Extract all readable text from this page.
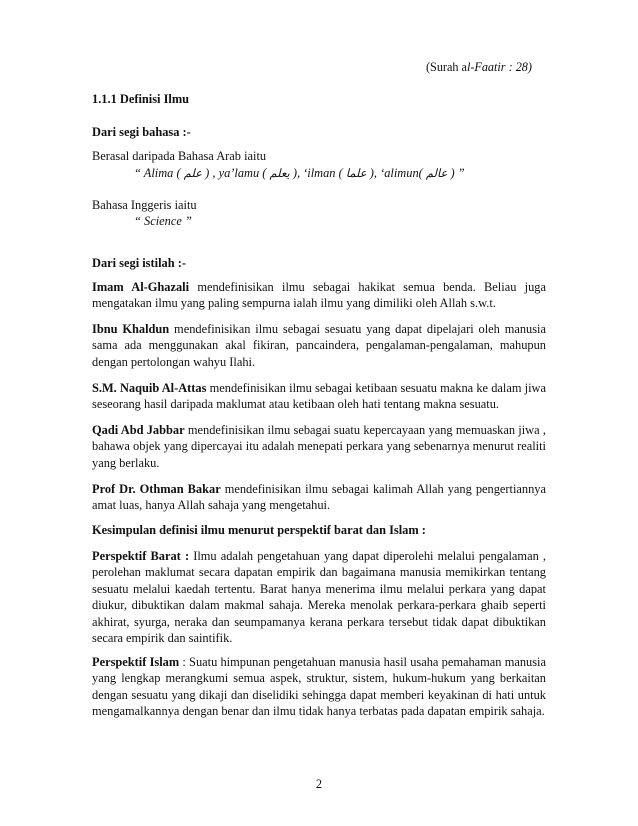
(Surah al-Faatir : 28)
1.1.1 Definisi Ilmu
Dari segi bahasa :-
Berasal daripada Bahasa Arab iaitu
“ Alima ( علم ) , ya’lamu ( يعلم ), ‘ilman ( علما ), ‘alimun( عالم ) ”
Bahasa Inggeris iaitu
“ Science ”
Dari segi istilah :-
Imam Al-Ghazali mendefinisikan ilmu sebagai hakikat semua benda. Beliau juga mengatakan ilmu yang paling sempurna ialah ilmu yang dimiliki oleh Allah s.w.t.
Ibnu Khaldun mendefinisikan ilmu sebagai sesuatu yang dapat dipelajari oleh manusia sama ada menggunakan akal fikiran, pancaindera, pengalaman-pengalaman, mahupun dengan pertolongan wahyu Ilahi.
S.M. Naquib Al-Attas mendefinisikan ilmu sebagai ketibaan sesuatu makna ke dalam jiwa seseorang hasil daripada maklumat atau ketibaan oleh hati tentang makna sesuatu.
Qadi Abd Jabbar mendefinisikan ilmu sebagai suatu kepercayaan yang memuaskan jiwa , bahawa objek yang dipercayai itu adalah menepati perkara yang sebenarnya menurut realiti yang berlaku.
Prof Dr. Othman Bakar mendefinisikan ilmu sebagai kalimah Allah yang pengertiannya amat luas, hanya Allah sahaja yang mengetahui.
Kesimpulan definisi ilmu menurut perspektif barat dan Islam :
Perspektif Barat : Ilmu adalah pengetahuan yang dapat diperolehi melalui pengalaman , perolehan maklumat secara dapatan empirik dan bagaimana manusia memikirkan tentang sesuatu melalui kaedah tertentu. Barat hanya menerima ilmu melalui perkara yang dapat diukur, dibuktikan dalam makmal sahaja. Mereka menolak perkara-perkara ghaib seperti akhirat, syurga, neraka dan seumpamanya kerana perkara tersebut tidak dapat dibuktikan secara empirik dan saintifik.
Perspektif Islam : Suatu himpunan pengetahuan manusia hasil usaha pemahaman manusia yang lengkap merangkumi semua aspek, struktur, sistem, hukum-hukum yang berkaitan dengan sesuatu yang dikaji dan diselidiki sehingga dapat memberi keyakinan di hati untuk mengamalkannya dengan benar dan ilmu tidak hanya terbatas pada dapatan empirik sahaja.
2
